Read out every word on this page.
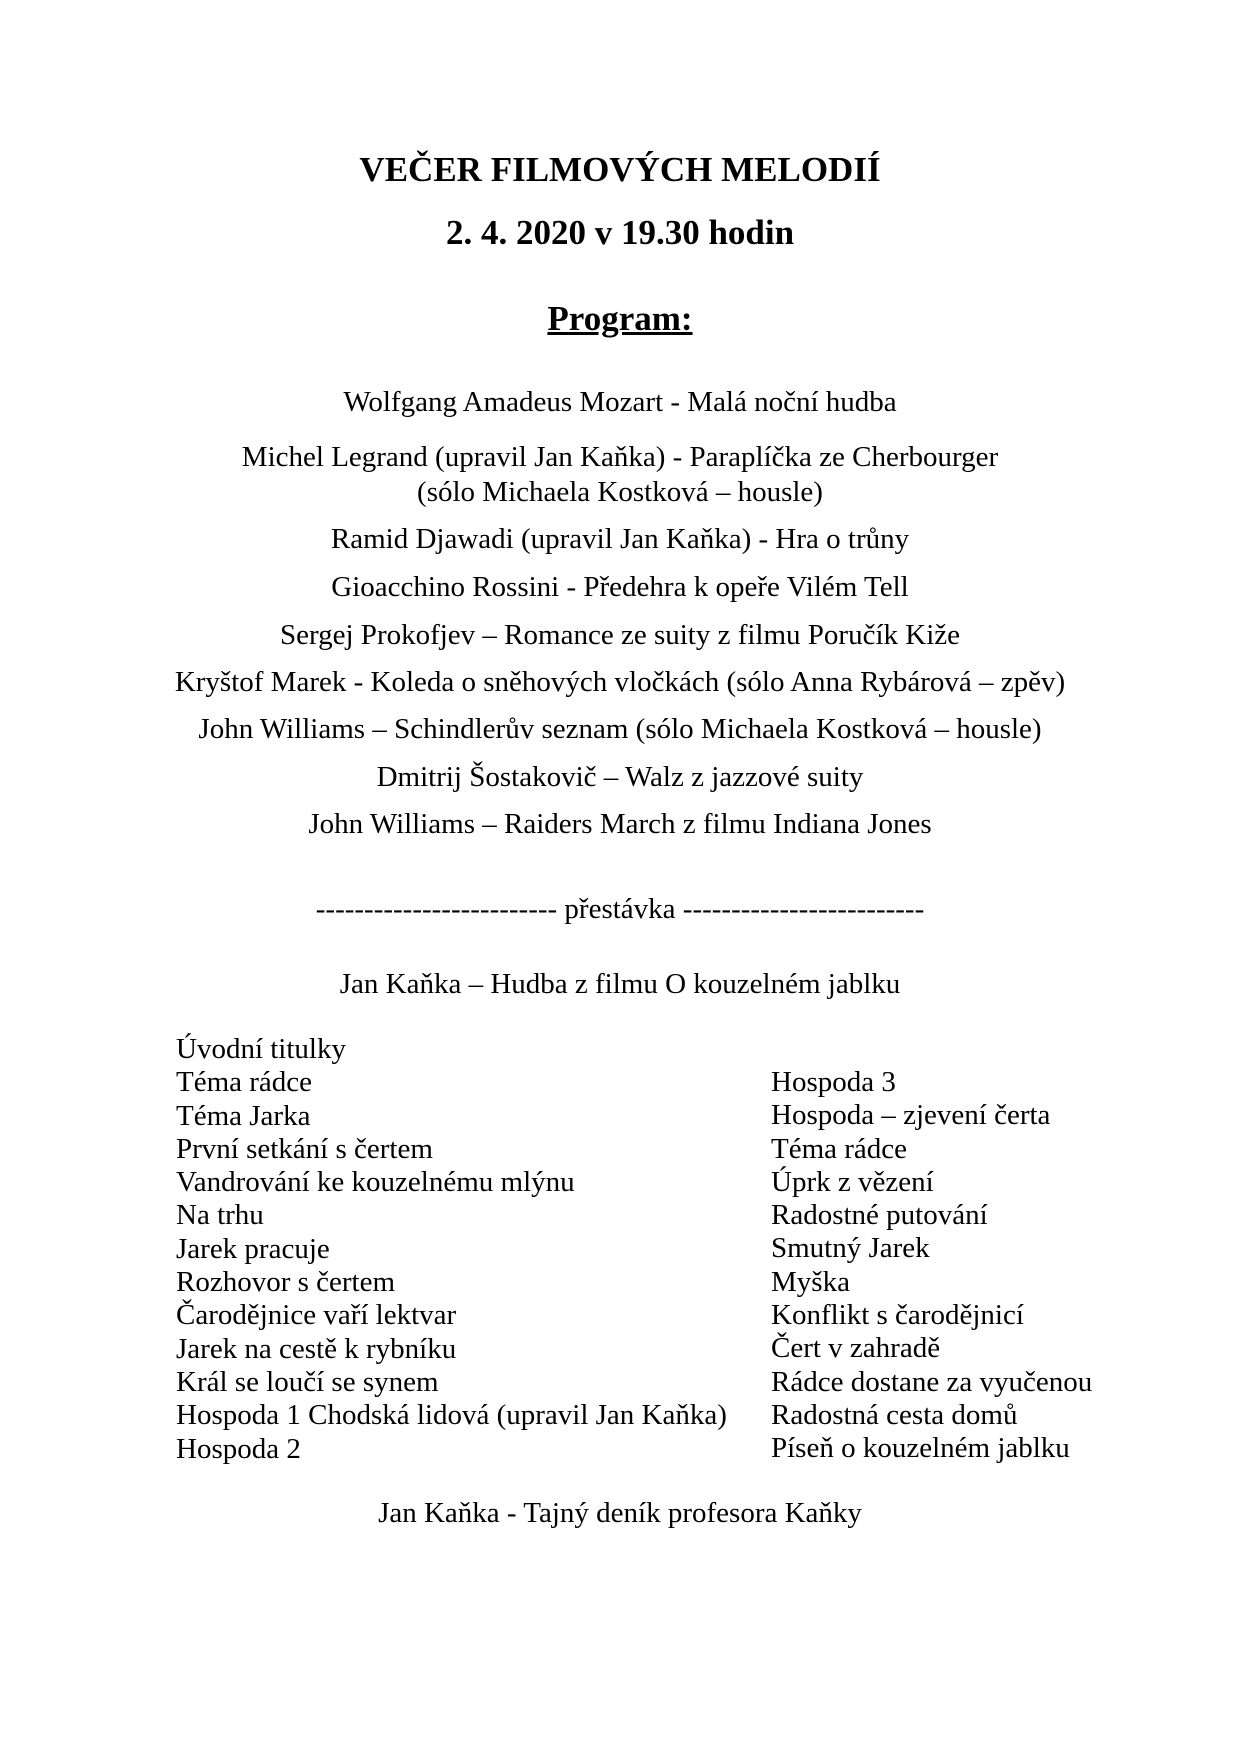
VEČER FILMOVÝCH MELODIÍ
2. 4. 2020 v 19.30 hodin
Program:
Wolfgang Amadeus Mozart - Malá noční hudba
Michel Legrand (upravil Jan Kaňka) - Paraplíčka ze Cherbourger
(sólo Michaela Kostková – housle)
Ramid Djawadi (upravil Jan Kaňka) - Hra o trůny
Gioacchino Rossini - Předehra k opeře Vilém Tell
Sergej Prokofjev – Romance ze suity z filmu Poručík Kiže
Kryštof Marek - Koleda o sněhových vločkách (sólo Anna Rybárová – zpěv)
John Williams – Schindlerův seznam (sólo Michaela Kostková – housle)
Dmitrij Šostakovič – Walz z jazzové suity
John Williams – Raiders March z filmu Indiana Jones
------------------------- přestávka -------------------------
Jan Kaňka – Hudba z filmu O kouzelném jablku
Úvodní titulky
Téma rádce
Téma Jarka
První setkání s čertem
Vandrování ke kouzelnému mlýnu
Na trhu
Jarek pracuje
Rozhovor s čertem
Čarodějnice vaří lektvar
Jarek na cestě k rybníku
Král se loučí se synem
Hospoda 1 Chodská lidová (upravil Jan Kaňka)
Hospoda 2
Hospoda 3
Hospoda – zjevení čerta
Téma rádce
Úprk z vězení
Radostné putování
Smutný Jarek
Myška
Konflikt s čarodějnicí
Čert v zahradě
Rádce dostane za vyučenou
Radostná cesta domů
Píseň o kouzelném jablku
Jan Kaňka - Tajný deník profesora Kaňky
